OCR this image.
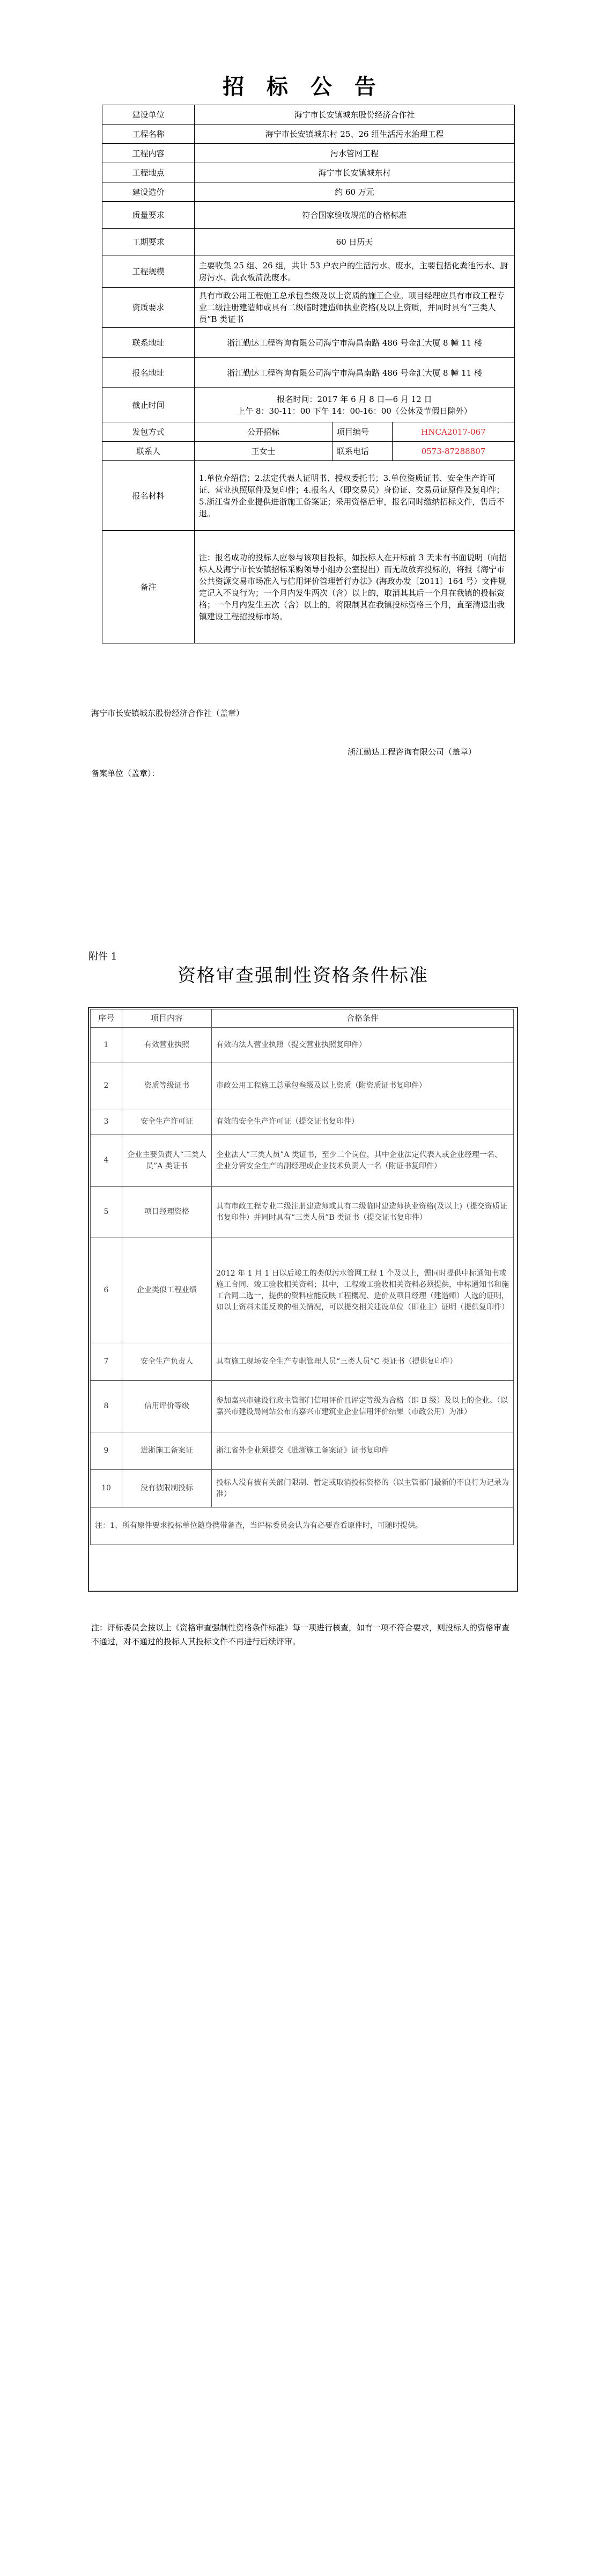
招 标 公 告
建设单位	海宁市长安镇城东股份经济合作社		
工程名称	海宁市长安镇城东村 25、26 组生活污水治理工程		
工程内容	污水管网工程		
工程地点	海宁市长安镇城东村		
建设造价	约 60 万元		
质量要求	符合国家验收规范的合格标准		
工期要求	60 日历天		
工程规模	主要收集 25 组、26 组，共计 53 户农户的生活污水、废水，主要包括化粪池污水、厨房污水、洗衣板清洗废水。		
资质要求	具有市政公用工程施工总承包叁级及以上资质的施工企业。项目经理应具有市政工程专业二级注册建造师或具有二级临时建造师执业资格(及以上资质，并同时具有“三类人员”B 类证书		
联系地址	浙江勤达工程咨询有限公司海宁市海昌南路 486 号金汇大厦 8 幢 11 楼		
报名地址	浙江勤达工程咨询有限公司海宁市海昌南路 486 号金汇大厦 8 幢 11 楼		
截止时间	报名时间：2017 年 6 月 8 日—6 月 12 日
上午 8：30-11：00 下午 14：00-16：00（公休及节假日除外）		

发包方式	公开招标	项目编号	HNCA2017-067
联系人	王女士	联系电话	0573-87288807
报名材料	1.单位介绍信；2.法定代表人证明书、授权委托书；3.单位资质证书、安全生产许可证、营业执照原件及复印件；4.报名人（即交易员）身份证、交易员证原件及复印件；5.浙江省外企业提供进浙施工备案证；采用资格后审，报名同时缴纳招标文件，售后不退。		
备注	注：报名成功的投标人应参与该项目投标，如投标人在开标前 3 天未有书面说明（向招标人及海宁市长安镇招标采购领导小组办公室提出）而无故放弃投标的，将报《海宁市公共资源交易市场准入与信用评价管理暂行办法》(海政办发〔2011〕164 号）文件规定记入不良行为；一个月内发生两次（含）以上的，取消其其后一个月在我镇的投标资格；一个月内发生五次（含）以上的，将限制其在我镇投标资格三个月，直至清退出我镇建设工程招投标市场。		
海宁市长安镇城东股份经济合作社（盖章）
浙江勤达工程咨询有限公司（盖章）
备案单位（盖章）：
附件 1
资格审查强制性资格条件标准
序号	项目内容	合格条件
1	有效营业执照	有效的法人营业执照（提交营业执照复印件）
2	资质等级证书	市政公用工程施工总承包叁级及以上资质（附资质证书复印件）
3	安全生产许可证	有效的安全生产许可证（提交证书复印件）
4	企业主要负责人“三类人员”A 类证书	企业法人“三类人员”A 类证书，至少二个岗位，其中企业法定代表人或企业经理一名、企业分管安全生产的副经理或企业技术负责人一名（附证书复印件）
5	项目经理资格	具有市政工程专业二级注册建造师或具有二级临时建造师执业资格(及以上)（提交资质证书复印件）并同时具有“三类人员”B 类证书（提交证书复印件）
6	企业类似工程业绩	2012 年 1 月 1 日以后竣工的类似污水管网工程 1 个及以上，需同时提供中标通知书或施工合同、竣工验收相关资料；其中，工程竣工验收相关资料必须提供，中标通知书和施工合同二选一，提供的资料应能反映工程概况、造价及项目经理（建造师）人选的证明，如以上资料未能反映的相关情况，可以提交相关建设单位（即业主）证明（提供复印件）
7	安全生产负责人	具有施工现场安全生产专职管理人员“三类人员”C 类证书（提供复印件）
8	信用评价等级	参加嘉兴市建设行政主管部门信用评价且评定等级为合格（即 B 级）及以上的企业。（以嘉兴市建设局网站公布的嘉兴市建筑业企业信用评价结果（市政公用）为准）
9	进浙施工备案证	浙江省外企业须提交《进浙施工备案证》证书复印件
10	没有被限制投标	投标人没有被有关部门限制、暂定或取消投标资格的（以主管部门最新的不良行为记录为准）
注：1、所有原件要求投标单位随身携带备查，当评标委员会认为有必要查看原件时，可随时提供。		
注：评标委员会按以上《资格审查强制性资格条件标准》每一项进行核查，如有一项不符合要求，则投标人的资格审查不通过，对不通过的投标人其投标文件不再进行后续评审。
